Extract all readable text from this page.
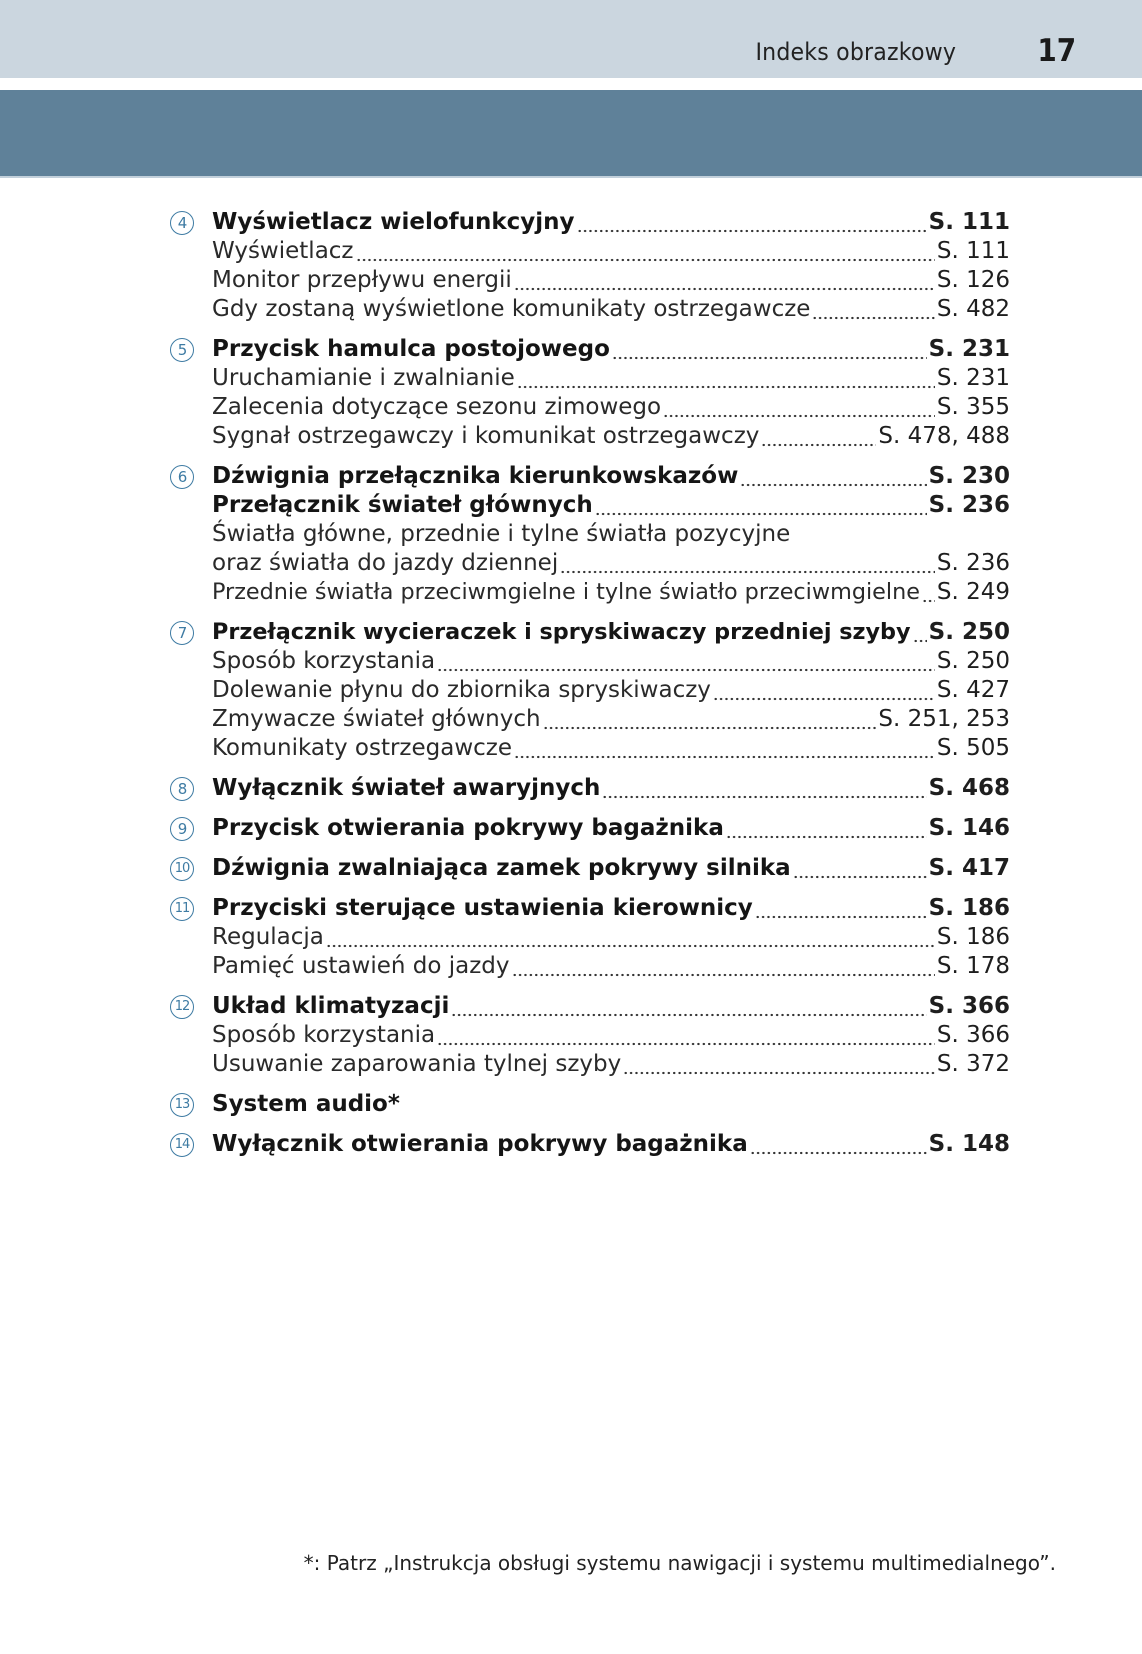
Indeks obrazkowy	17
4	Wyświetlacz wielofunkcyjny	S. 111
Wyświetlacz	S. 111
Monitor przepływu energii	S. 126
Gdy zostaną wyświetlone komunikaty ostrzegawcze	S. 482
5	Przycisk hamulca postojowego	S. 231
Uruchamianie i zwalnianie	S. 231
Zalecenia dotyczące sezonu zimowego	S. 355
Sygnał ostrzegawczy i komunikat ostrzegawczy	S. 478, 488
6	Dźwignia przełącznika kierunkowskazów	S. 230
Przełącznik świateł głównych	S. 236
Światła główne, przednie i tylne światła pozycyjne
oraz światła do jazdy dziennej	S. 236
Przednie światła przeciwmgielne i tylne światło przeciwmgielne S. 249
7	Przełącznik wycieraczek i spryskiwaczy przedniej szyby S. 250
Sposób korzystania	S. 250
Dolewanie płynu do zbiornika spryskiwaczy	S. 427
Zmywacze świateł głównych	S. 251, 253
Komunikaty ostrzegawcze	S. 505
8	Wyłącznik świateł awaryjnych	S. 468
9	Przycisk otwierania pokrywy bagażnika	S. 146
10 Dźwignia zwalniająca zamek pokrywy silnika	S. 417
11 Przyciski sterujące ustawienia kierownicy	S. 186
Regulacja	S. 186
Pamięć ustawień do jazdy	S. 178
12 Układ klimatyzacji	S. 366
Sposób korzystania	S. 366
Usuwanie zaparowania tylnej szyby	S. 372
13 System audio*
14 Wyłącznik otwierania pokrywy bagażnika	S. 148
*: Patrz „Instrukcja obsługi systemu nawigacji i systemu multimedialnego”.
